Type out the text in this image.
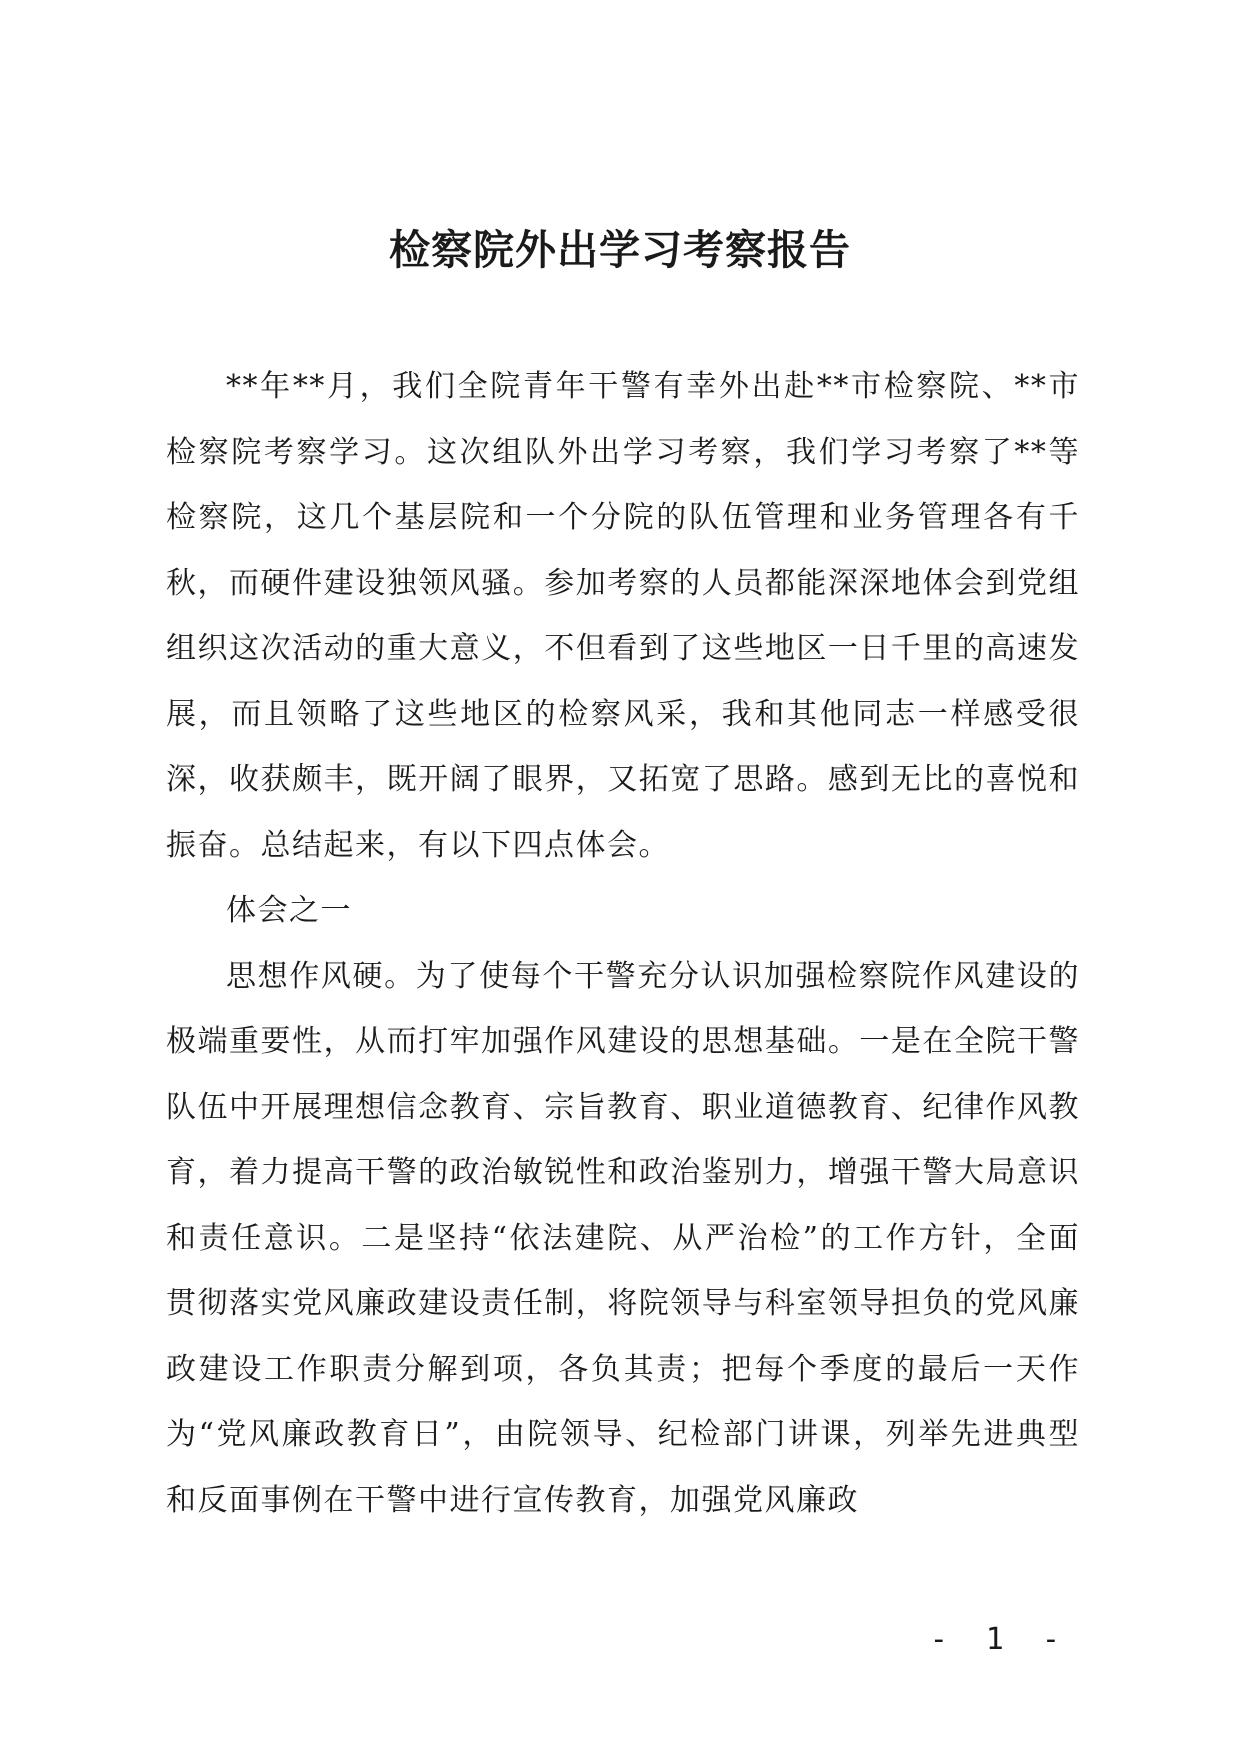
检察院外出学习考察报告

**年**月，我们全院青年干警有幸外出赴**市检察院、**市检察院考察学习。这次组队外出学习考察，我们学习考察了**等检察院，这几个基层院和一个分院的队伍管理和业务管理各有千秋，而硬件建设独领风骚。参加考察的人员都能深深地体会到党组组织这次活动的重大意义，不但看到了这些地区一日千里的高速发展，而且领略了这些地区的检察风采，我和其他同志一样感受很深，收获颇丰，既开阔了眼界，又拓宽了思路。感到无比的喜悦和振奋。总结起来，有以下四点体会。

体会之一

思想作风硬。为了使每个干警充分认识加强检察院作风建设的极端重要性，从而打牢加强作风建设的思想基础。一是在全院干警队伍中开展理想信念教育、宗旨教育、职业道德教育、纪律作风教育，着力提高干警的政治敏锐性和政治鉴别力，增强干警大局意识和责任意识。二是坚持“依法建院、从严治检”的工作方针，全面贯彻落实党风廉政建设责任制，将院领导与科室领导担负的党风廉政建设工作职责分解到项，各负其责；把每个季度的最后一天作为“党风廉政教育日”，由院领导、纪检部门讲课，列举先进典型和反面事例在干警中进行宣传教育，加强党风廉政

- 1 -
